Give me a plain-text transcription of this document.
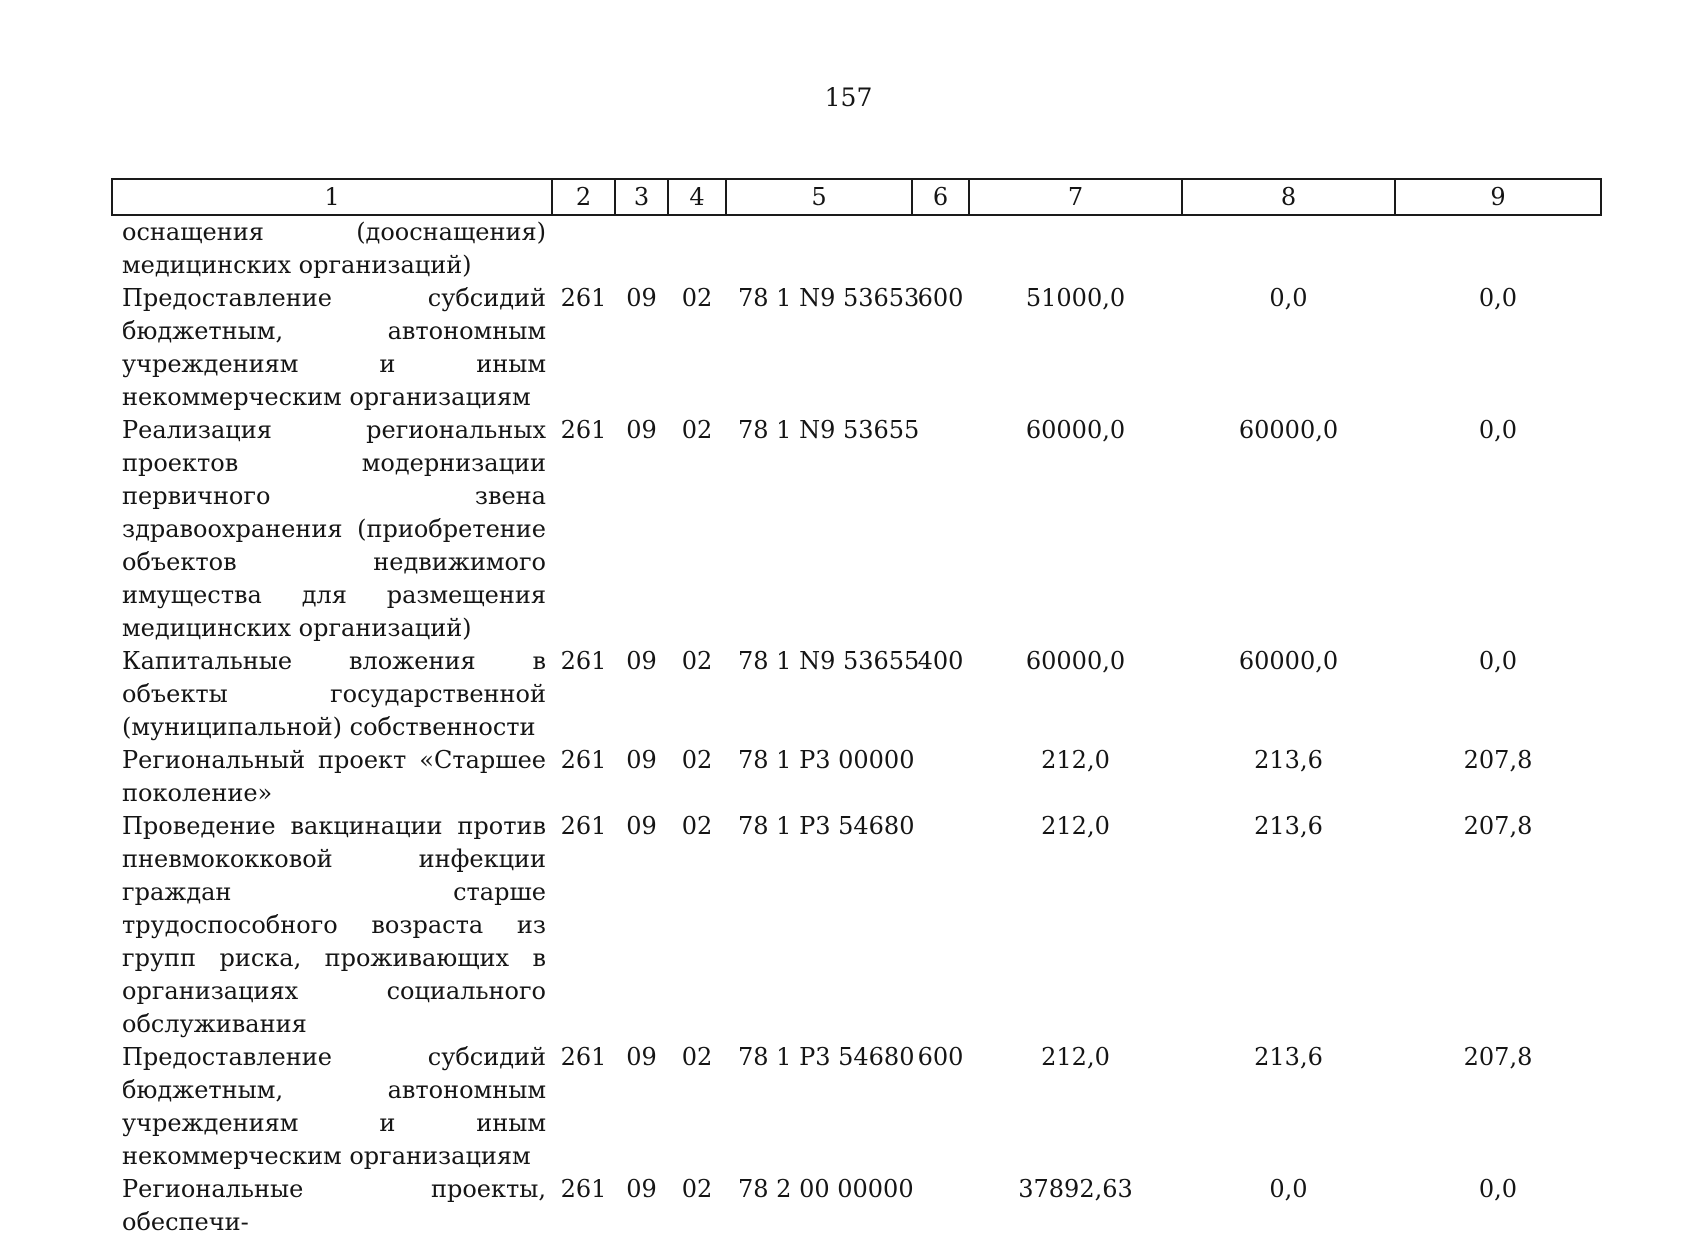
157
1	2	3	4	5	6	7	8	9
оснащения (дооснащения) медицинских организаций)								
Предоставление субсидий бюджетным, автономным учреждениям и иным некоммерческим организациям	261	09	02	78 1 N9 53653	600	51000,0	0,0	0,0
Реализация региональных проектов модернизации первичного звена здравоохранения (приобретение объектов недвижимого имущества для размещения медицинских организаций)	261	09	02	78 1 N9 53655		60000,0	60000,0	0,0
Капитальные вложения в объекты государственной (муниципальной) собственности	261	09	02	78 1 N9 53655	400	60000,0	60000,0	0,0
Региональный проект «Старшее поколение»	261	09	02	78 1 P3 00000		212,0	213,6	207,8
Проведение вакцинации против пневмококковой инфекции граждан старше трудоспособного возраста из групп риска, проживающих в организациях социального обслуживания	261	09	02	78 1 P3 54680		212,0	213,6	207,8
Предоставление субсидий бюджетным, автономным учреждениям и иным некоммерческим организациям	261	09	02	78 1 P3 54680	600	212,0	213,6	207,8
Региональные проекты, обеспечи-	261	09	02	78 2 00 00000		37892,63	0,0	0,0
